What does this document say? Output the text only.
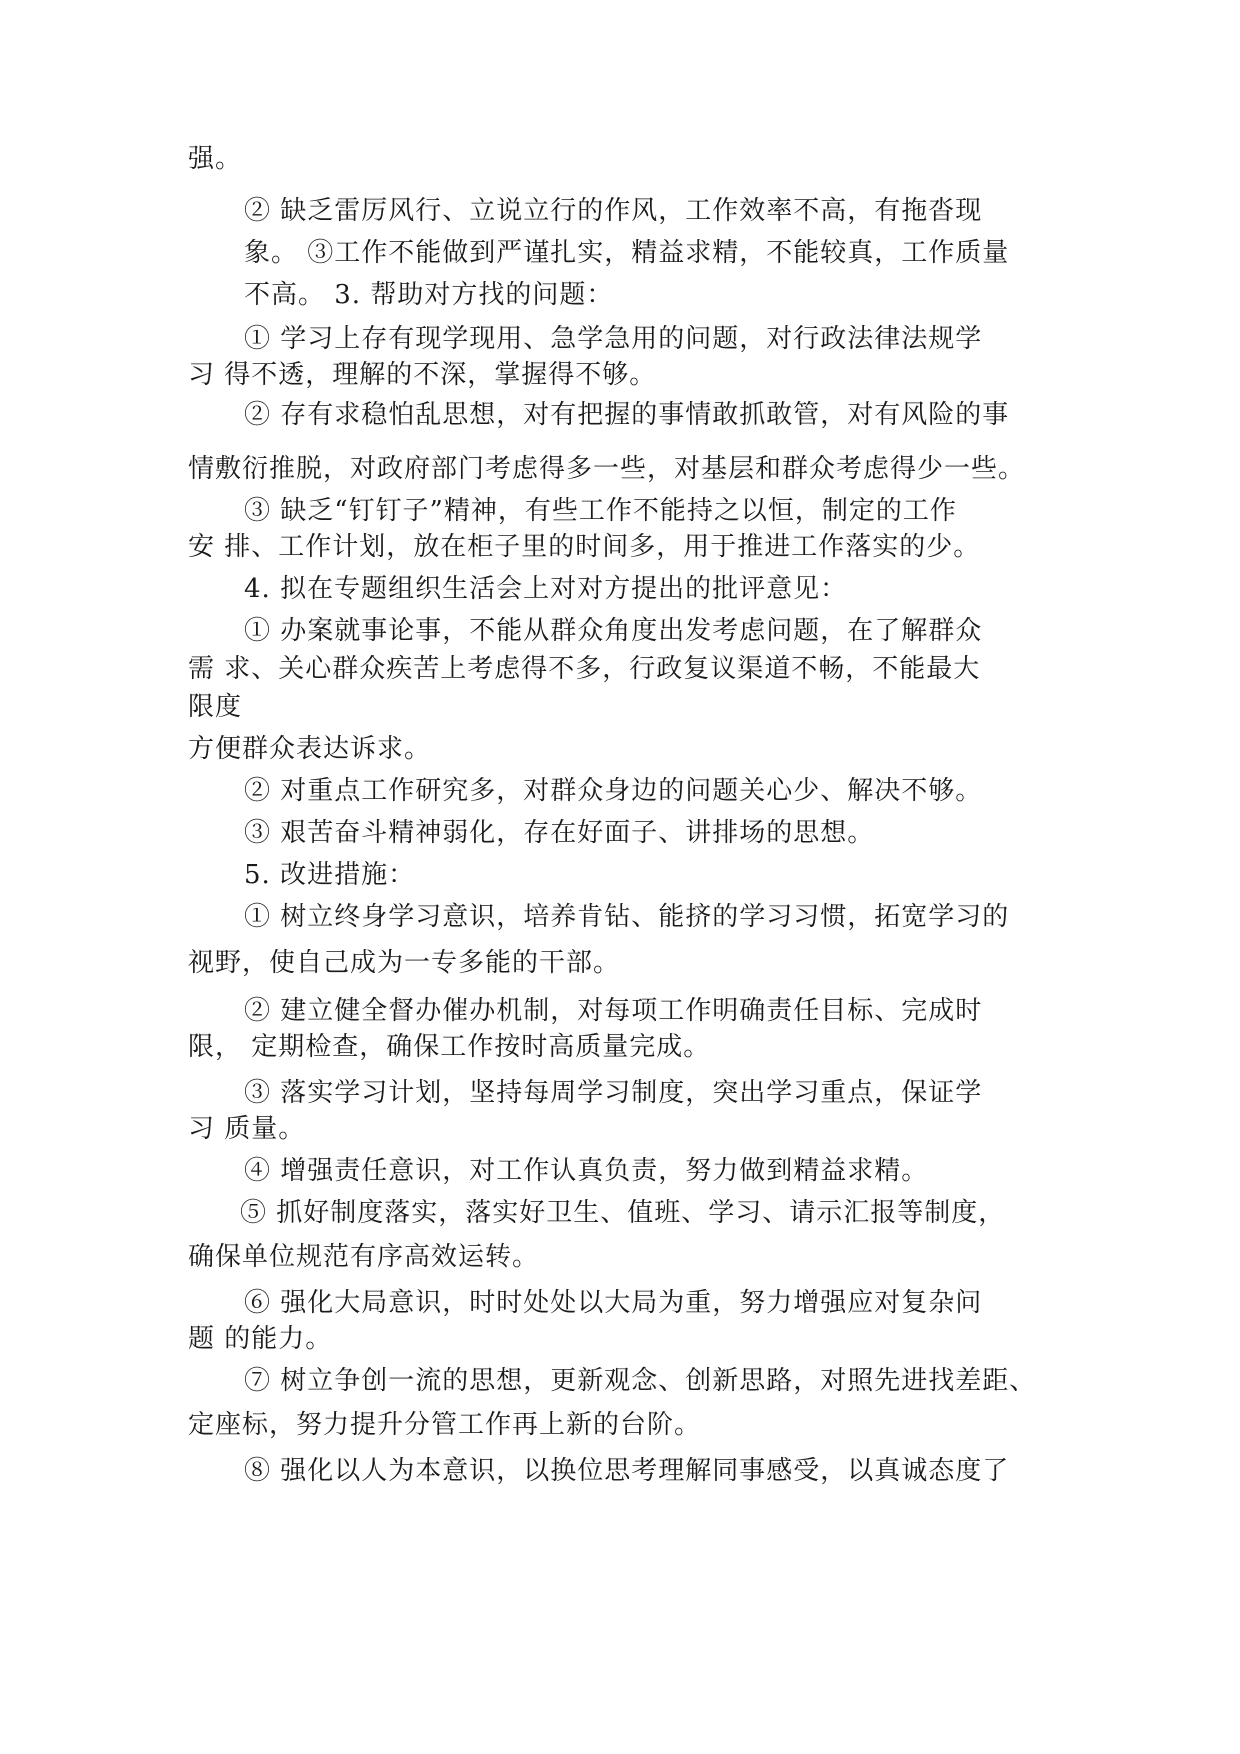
强。
② 缺乏雷厉风行、立说立行的作风，工作效率不高，有拖沓现
象。 ③工作不能做到严谨扎实，精益求精，不能较真，工作质量
不高。 3. 帮助对方找的问题：
① 学习上存有现学现用、急学急用的问题，对行政法律法规学
习 得不透，理解的不深，掌握得不够。
② 存有求稳怕乱思想，对有把握的事情敢抓敢管，对有风险的事
情敷衍推脱，对政府部门考虑得多一些，对基层和群众考虑得少一些。
③ 缺乏“钉钉子”精神，有些工作不能持之以恒，制定的工作
安 排、工作计划，放在柜子里的时间多，用于推进工作落实的少。
4. 拟在专题组织生活会上对对方提出的批评意见：
① 办案就事论事，不能从群众角度出发考虑问题，在了解群众
需 求、关心群众疾苦上考虑得不多，行政复议渠道不畅，不能最大
限度
方便群众表达诉求。
② 对重点工作研究多，对群众身边的问题关心少、解决不够。
③ 艰苦奋斗精神弱化，存在好面子、讲排场的思想。
5. 改进措施：
① 树立终身学习意识，培养肯钻、能挤的学习习惯，拓宽学习的
视野，使自己成为一专多能的干部。
② 建立健全督办催办机制，对每项工作明确责任目标、完成时
限， 定期检查，确保工作按时高质量完成。
③ 落实学习计划，坚持每周学习制度，突出学习重点，保证学
习 质量。
④ 增强责任意识，对工作认真负责，努力做到精益求精。
⑤ 抓好制度落实，落实好卫生、值班、学习、请示汇报等制度，
确保单位规范有序高效运转。
⑥ 强化大局意识，时时处处以大局为重，努力增强应对复杂问
题 的能力。
⑦ 树立争创一流的思想，更新观念、创新思路，对照先进找差距、
定座标，努力提升分管工作再上新的台阶。
⑧ 强化以人为本意识，以换位思考理解同事感受，以真诚态度了
